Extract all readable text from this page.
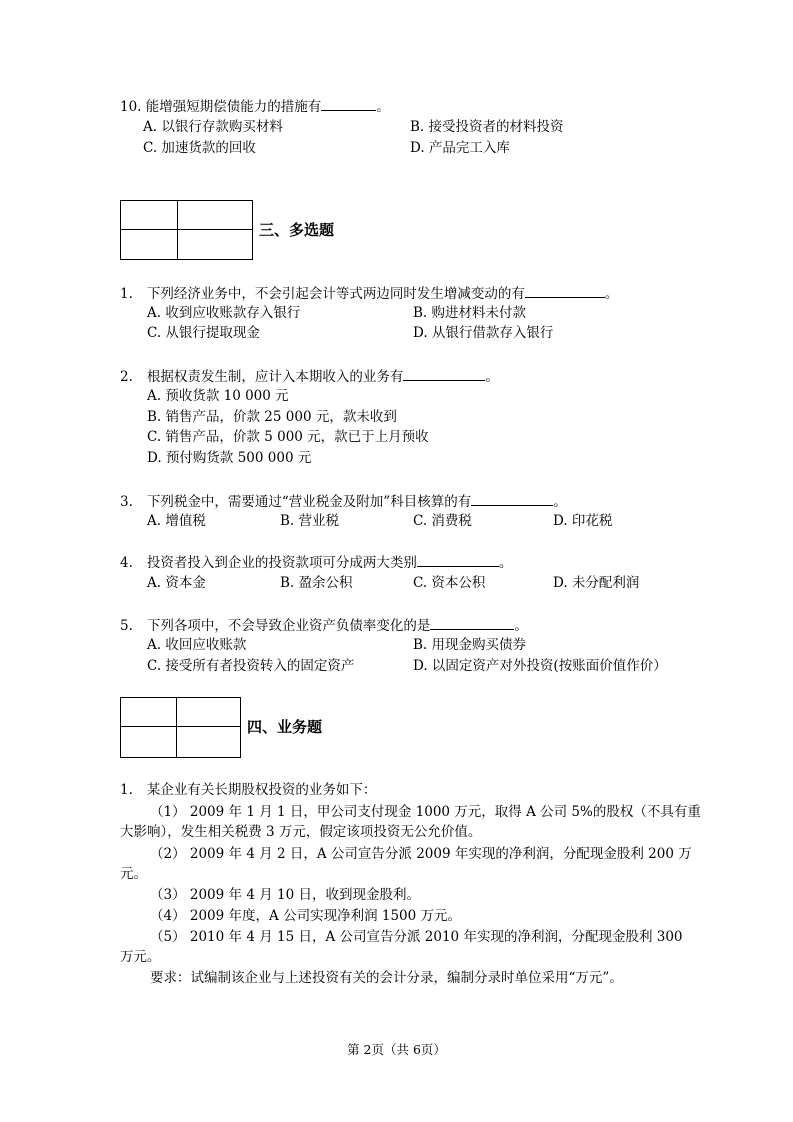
10. 能增强短期偿债能力的措施有	。
A. 以银行存款购买材料	B. 接受投资者的材料投资
C. 加速货款的回收	D. 产品完工入库
三、多选题
1. 下列经济业务中，不会引起会计等式两边同时发生增减变动的有	。
A. 收到应收账款存入银行	B. 购进材料未付款
C. 从银行提取现金	D. 从银行借款存入银行
2. 根据权责发生制，应计入本期收入的业务有	。
A. 预收货款 10 000 元
B. 销售产品，价款 25 000 元，款未收到
C. 销售产品，价款 5 000 元，款已于上月预收
D. 预付购货款 500 000 元
3. 下列税金中，需要通过“营业税金及附加”科目核算的有	。
A. 增值税	B. 营业税	C. 消费税	D. 印花税
4. 投资者投入到企业的投资款项可分成两大类别	。
A. 资本金	B. 盈余公积	C. 资本公积	D. 未分配利润
5. 下列各项中，不会导致企业资产负债率变化的是	。
A. 收回应收账款	B. 用现金购买债券
C. 接受所有者投资转入的固定资产	D. 以固定资产对外投资(按账面价值作价）
四、业务题
1. 某企业有关长期股权投资的业务如下：
（1） 2009 年 1 月 1 日，甲公司支付现金 1000 万元，取得 A 公司 5%的股权（不具有重
大影响），发生相关税费 3 万元，假定该项投资无公允价值。
（2） 2009 年 4 月 2 日，A 公司宣告分派 2009 年实现的净利润，分配现金股利 200 万
元。
（3） 2009 年 4 月 10 日，收到现金股利。
（4） 2009 年度，A 公司实现净利润 1500 万元。
（5） 2010 年 4 月 15 日，A 公司宣告分派 2010 年实现的净利润，分配现金股利 300
万元。
要求：试编制该企业与上述投资有关的会计分录，编制分录时单位采用“万元”。
第 2页（共 6页）
